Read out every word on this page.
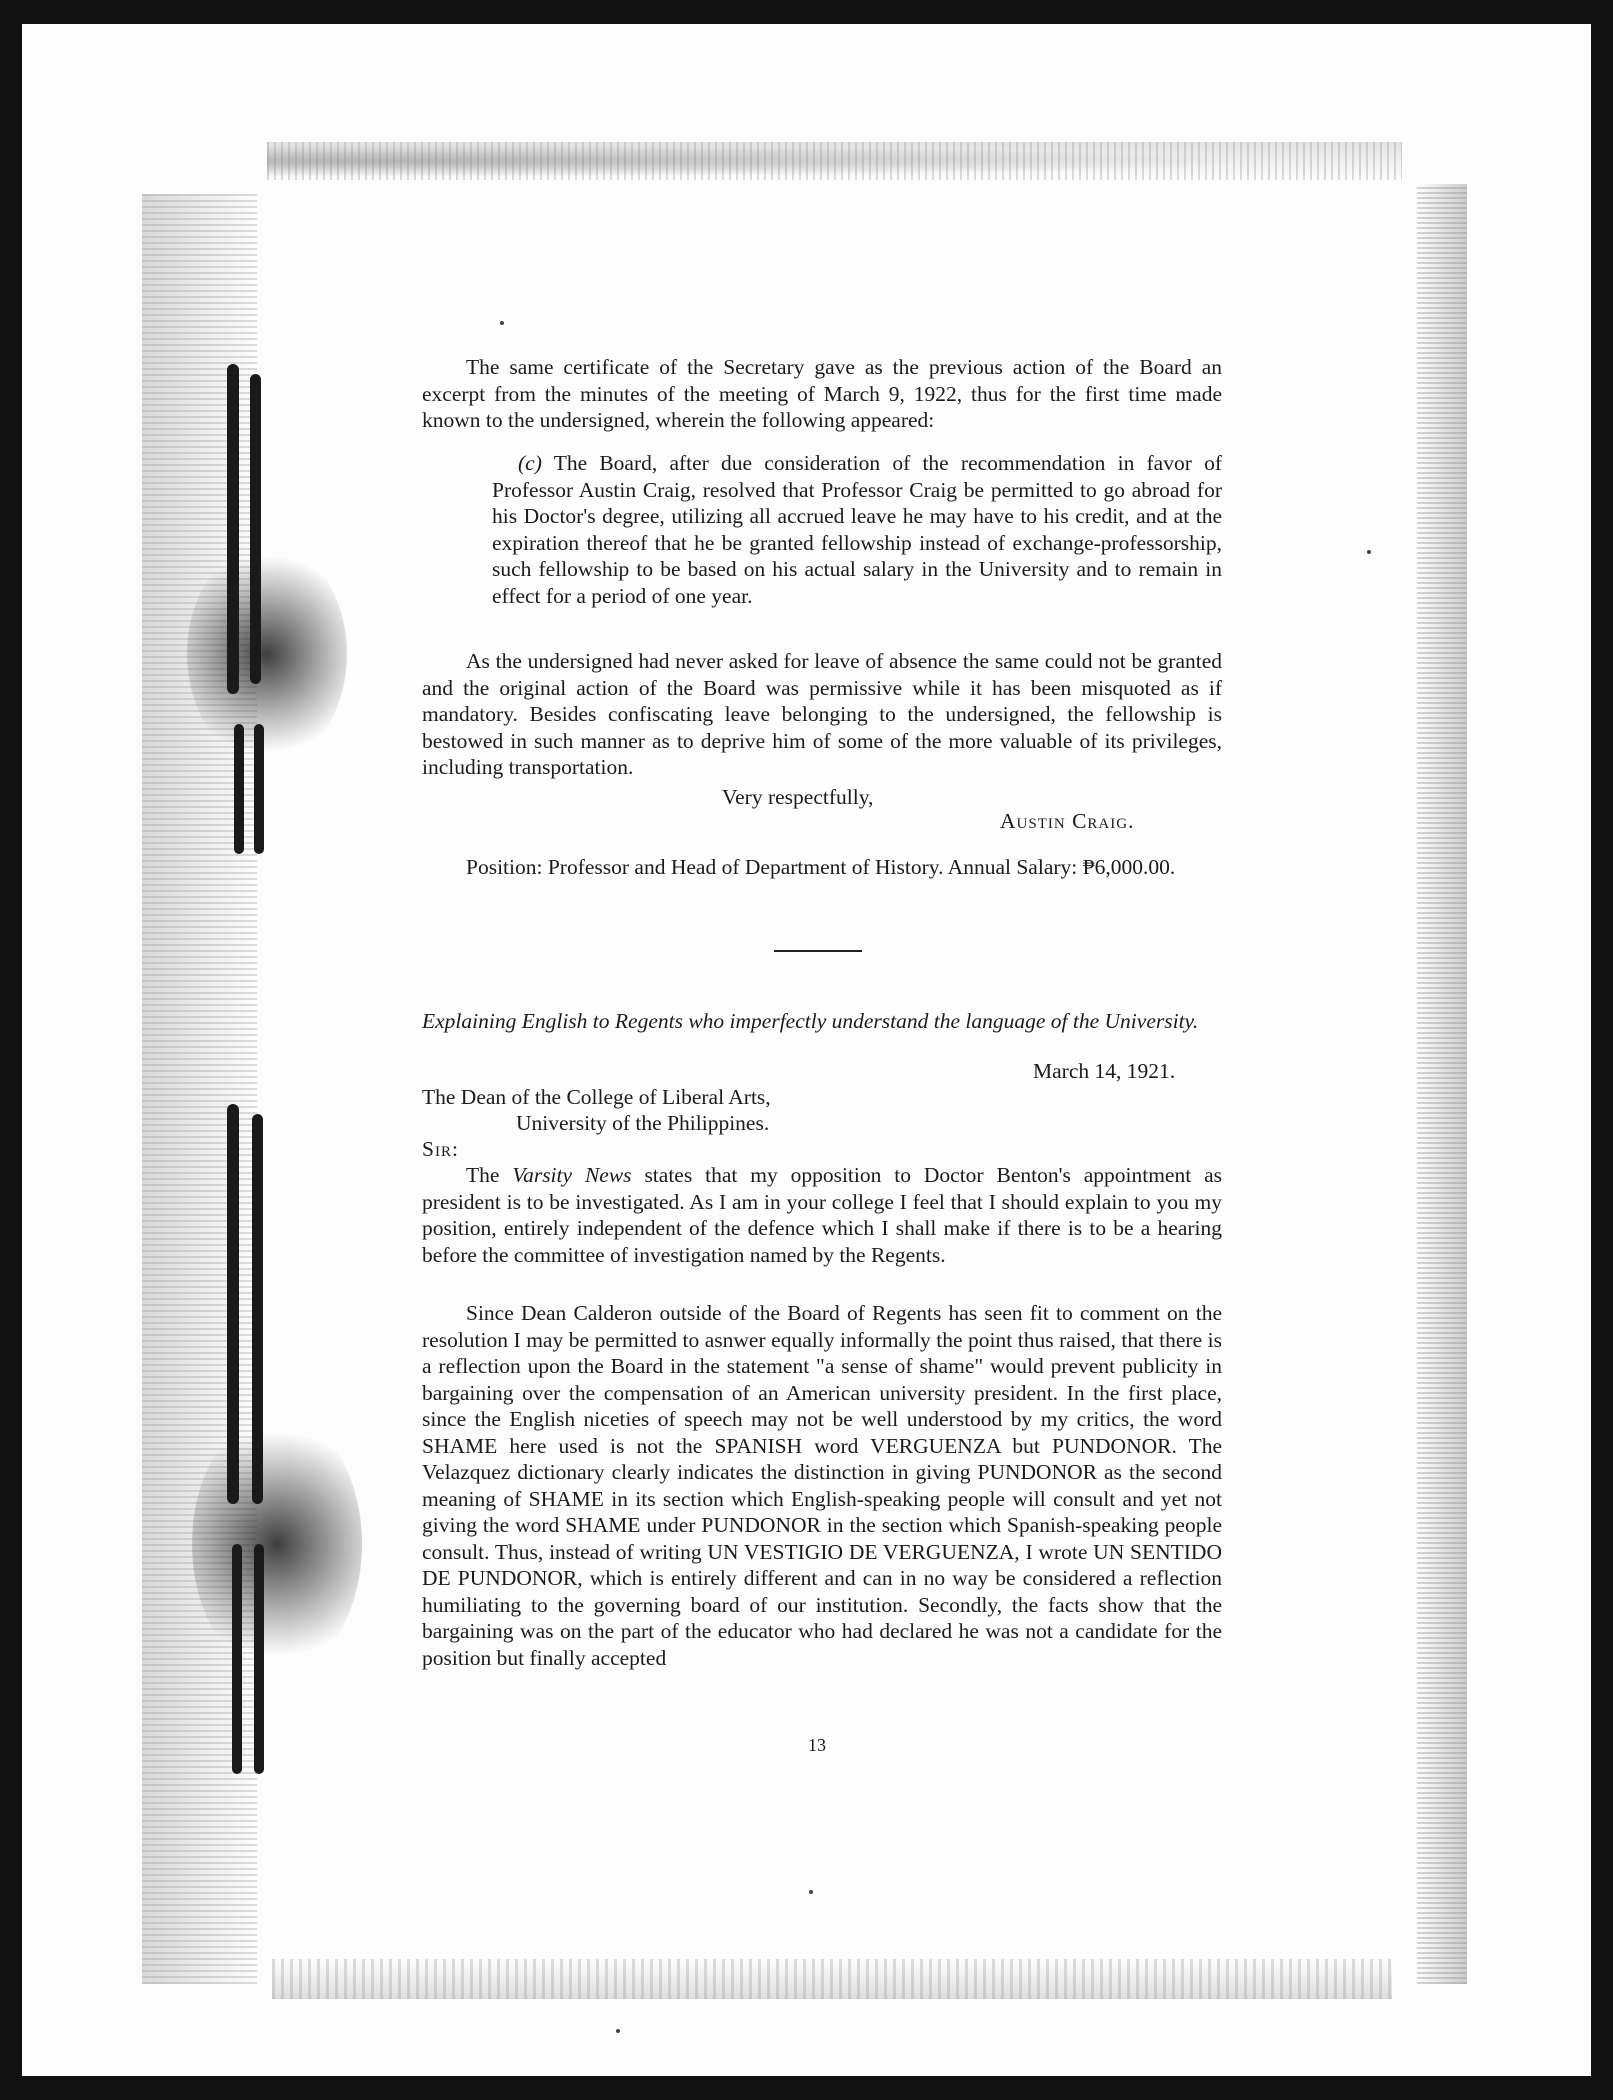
The same certificate of the Secretary gave as the previous action of the Board an excerpt from the minutes of the meeting of March 9, 1922, thus for the first time made known to the undersigned, wherein the following appeared:

(c) The Board, after due consideration of the recommendation in favor of Professor Austin Craig, resolved that Professor Craig be permitted to go abroad for his Doctor's degree, utilizing all accrued leave he may have to his credit, and at the expiration thereof that he be granted fellowship instead of exchange-professorship, such fellowship to be based on his actual salary in the University and to remain in effect for a period of one year.

As the undersigned had never asked for leave of absence the same could not be granted and the original action of the Board was permissive while it has been misquoted as if mandatory. Besides confiscating leave belonging to the undersigned, the fellowship is bestowed in such manner as to deprive him of some of the more valuable of its privileges, including transportation.

Very respectfully,

Austin Craig.

Position: Professor and Head of Department of History. Annual Salary: ₱6,000.00.

Explaining English to Regents who imperfectly understand the language of the University.

March 14, 1921.

The Dean of the College of Liberal Arts,

University of the Philippines.

Sir:

The Varsity News states that my opposition to Doctor Benton's appointment as president is to be investigated. As I am in your college I feel that I should explain to you my position, entirely independent of the defence which I shall make if there is to be a hearing before the committee of investigation named by the Regents.

Since Dean Calderon outside of the Board of Regents has seen fit to comment on the resolution I may be permitted to asnwer equally informally the point thus raised, that there is a reflection upon the Board in the statement "a sense of shame" would prevent publicity in bargaining over the compensation of an American university president. In the first place, since the English niceties of speech may not be well understood by my critics, the word SHAME here used is not the SPANISH word VERGUENZA but PUNDONOR. The Velazquez dictionary clearly indicates the distinction in giving PUNDONOR as the second meaning of SHAME in its section which English-speaking people will consult and yet not giving the word SHAME under PUNDONOR in the section which Spanish-speaking people consult. Thus, instead of writing UN VESTIGIO DE VERGUENZA, I wrote UN SENTIDO DE PUNDONOR, which is entirely different and can in no way be considered a reflection humiliating to the governing board of our institution. Secondly, the facts show that the bargaining was on the part of the educator who had declared he was not a candidate for the position but finally accepted

13
